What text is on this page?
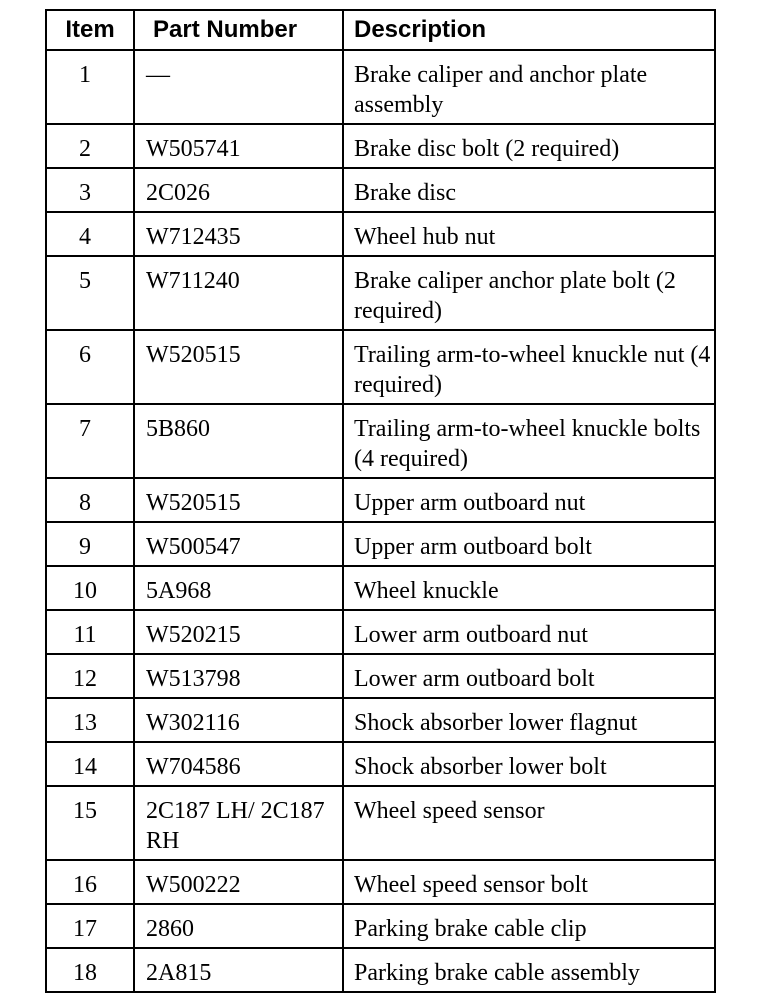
Item	Part Number	Description
1	—	Brake caliper and anchor plate assembly
2	W505741	Brake disc bolt (2 required)
3	2C026	Brake disc
4	W712435	Wheel hub nut
5	W711240	Brake caliper anchor plate bolt (2 required)
6	W520515	Trailing arm-to-wheel knuckle nut (4 required)
7	5B860	Trailing arm-to-wheel knuckle bolts (4 required)
8	W520515	Upper arm outboard nut
9	W500547	Upper arm outboard bolt
10	5A968	Wheel knuckle
11	W520215	Lower arm outboard nut
12	W513798	Lower arm outboard bolt
13	W302116	Shock absorber lower flagnut
14	W704586	Shock absorber lower bolt
15	2C187 LH/ 2C187 RH	Wheel speed sensor
16	W500222	Wheel speed sensor bolt
17	2860	Parking brake cable clip
18	2A815	Parking brake cable assembly
